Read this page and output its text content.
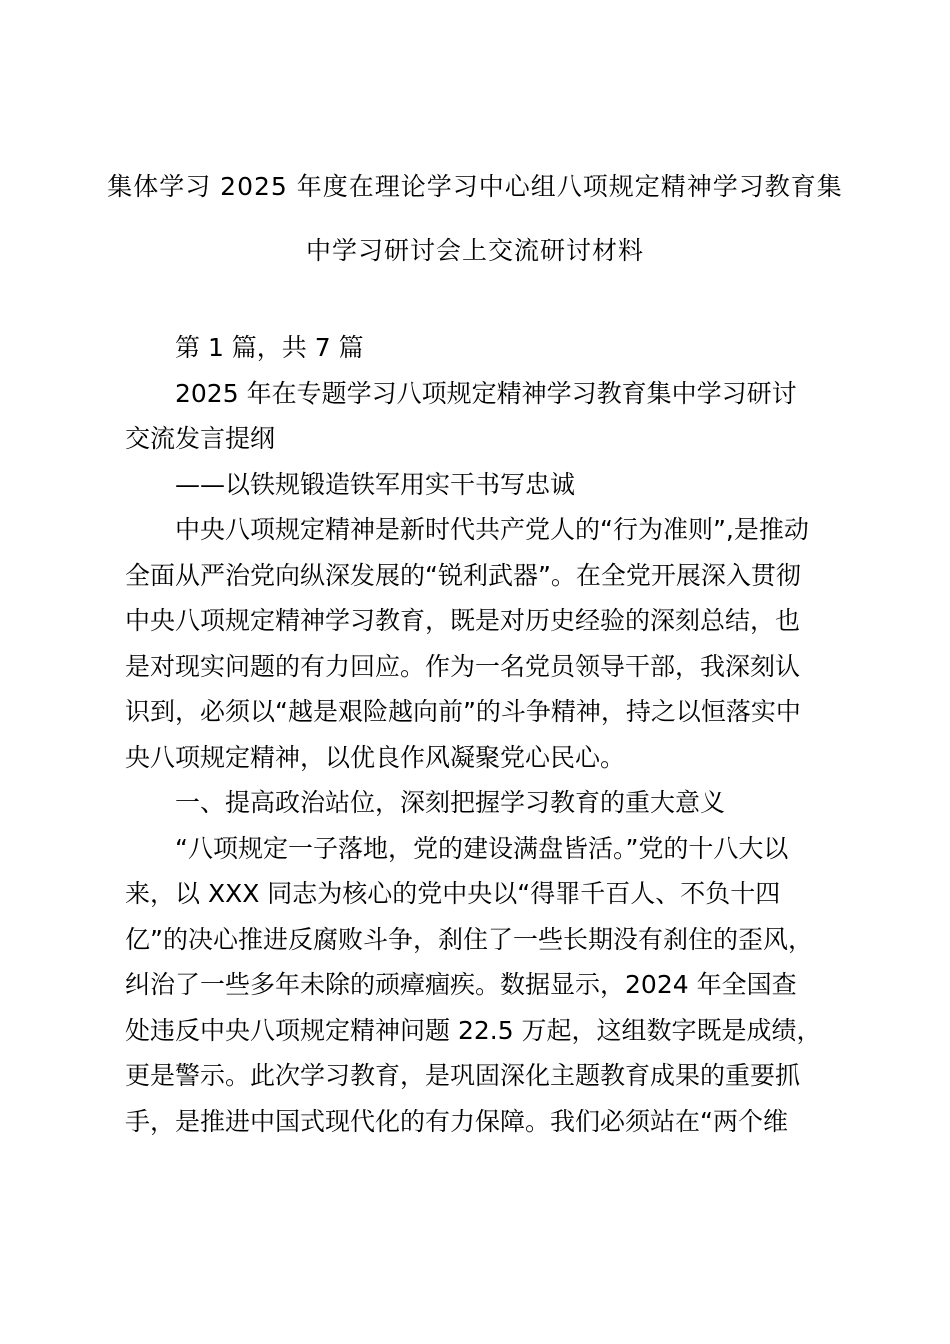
集体学习 2025 年度在理论学习中心组八项规定精神学习教育集
中学习研讨会上交流研讨材料
第 1 篇，共 7 篇
2025 年在专题学习八项规定精神学习教育集中学习研讨
交流发言提纲
——以铁规锻造铁军用实干书写忠诚
中央八项规定精神是新时代共产党人的“行为准则”,是推动
全面从严治党向纵深发展的“锐利武器”。在全党开展深入贯彻
中央八项规定精神学习教育，既是对历史经验的深刻总结，也
是对现实问题的有力回应。作为一名党员领导干部，我深刻认
识到，必须以“越是艰险越向前”的斗争精神，持之以恒落实中
央八项规定精神，以优良作风凝聚党心民心。
一、提高政治站位，深刻把握学习教育的重大意义
“八项规定一子落地，党的建设满盘皆活。”党的十八大以
来，以 XXX 同志为核心的党中央以“得罪千百人、不负十四
亿”的决心推进反腐败斗争，刹住了一些长期没有刹住的歪风，
纠治了一些多年未除的顽瘴痼疾。数据显示，2024 年全国查
处违反中央八项规定精神问题 22.5 万起，这组数字既是成绩，
更是警示。此次学习教育，是巩固深化主题教育成果的重要抓
手，是推进中国式现代化的有力保障。我们必须站在“两个维
